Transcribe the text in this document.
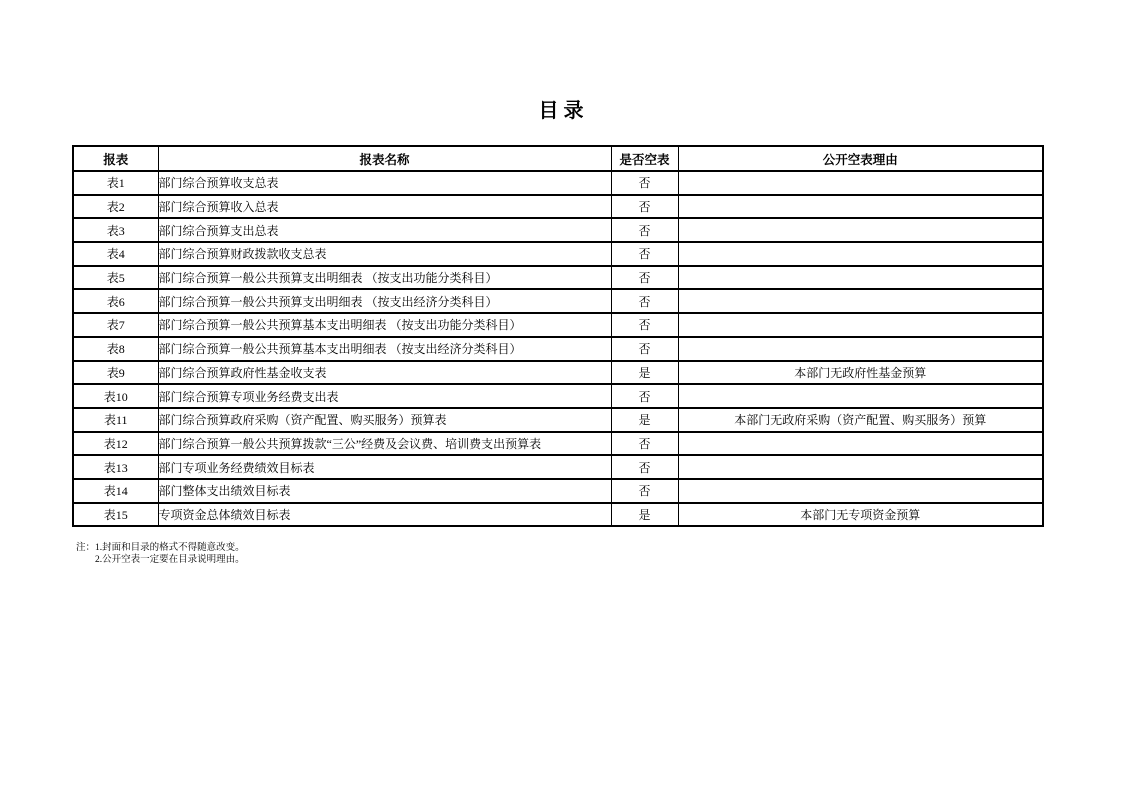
目录
报表	报表名称	是否空表	公开空表理由
表1	部门综合预算收支总表	否	
表2	部门综合预算收入总表	否	
表3	部门综合预算支出总表	否	
表4	部门综合预算财政拨款收支总表	否	
表5	部门综合预算一般公共预算支出明细表 （按支出功能分类科目）	否	
表6	部门综合预算一般公共预算支出明细表 （按支出经济分类科目）	否	
表7	部门综合预算一般公共预算基本支出明细表 （按支出功能分类科目）	否	
表8	部门综合预算一般公共预算基本支出明细表 （按支出经济分类科目）	否	
表9	部门综合预算政府性基金收支表	是	本部门无政府性基金预算
表10	部门综合预算专项业务经费支出表	否	
表11	部门综合预算政府采购（资产配置、购买服务）预算表	是	本部门无政府采购（资产配置、购买服务）预算
表12	部门综合预算一般公共预算拨款“三公”经费及会议费、培训费支出预算表	否	
表13	部门专项业务经费绩效目标表	否	
表14	部门整体支出绩效目标表	否	
表15	专项资金总体绩效目标表	是	本部门无专项资金预算
注： 1.封面和目录的格式不得随意改变。
2.公开空表一定要在目录说明理由。
